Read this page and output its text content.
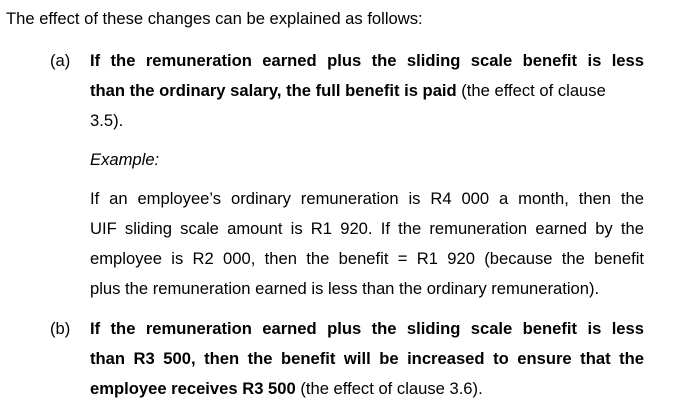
The effect of these changes can be explained as follows:
(a) If the remuneration earned plus the sliding scale benefit is less
than the ordinary salary, the full benefit is paid (the effect of clause
3.5).
Example:
If an employee’s ordinary remuneration is R4 000 a month, then the
UIF sliding scale amount is R1 920. If the remuneration earned by the
employee is R2 000, then the benefit = R1 920 (because the benefit
plus the remuneration earned is less than the ordinary remuneration).
(b) If the remuneration earned plus the sliding scale benefit is less
than R3 500, then the benefit will be increased to ensure that the
employee receives R3 500 (the effect of clause 3.6).
